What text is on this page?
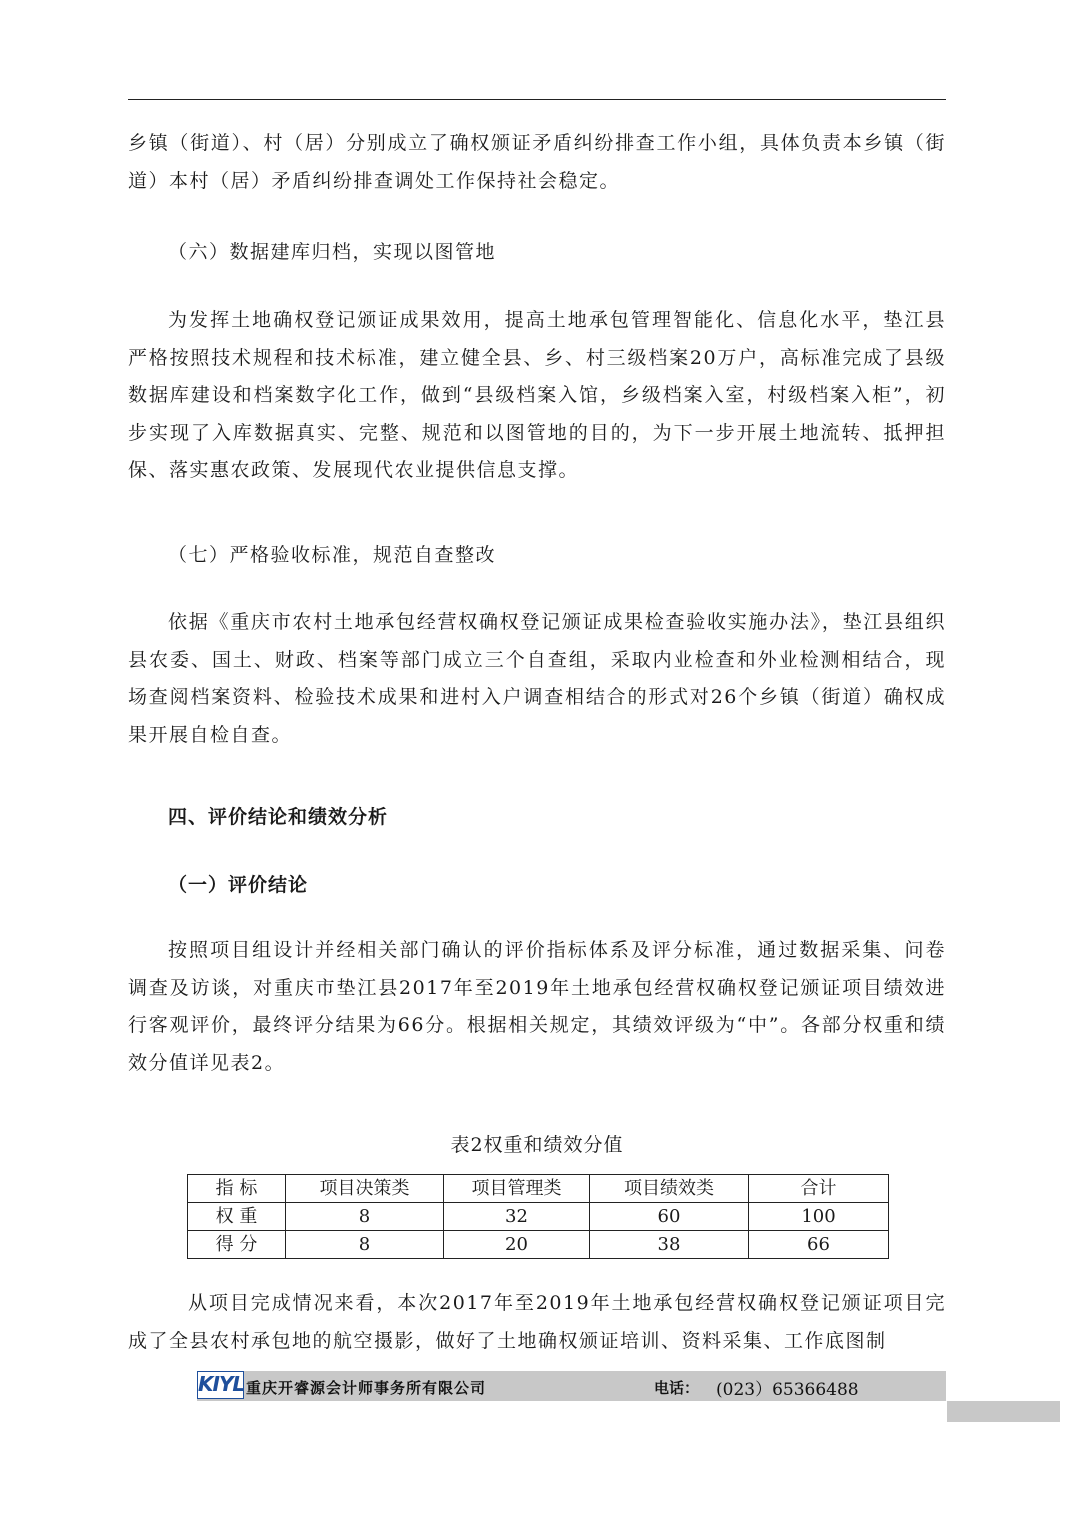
乡镇（街道）、村（居）分别成立了确权颁证矛盾纠纷排查工作小组，具体负责本乡镇（街道）本村（居）矛盾纠纷排查调处工作保持社会稳定。

（六）数据建库归档，实现以图管地

为发挥土地确权登记颁证成果效用，提高土地承包管理智能化、信息化水平，垫江县严格按照技术规程和技术标准，建立健全县、乡、村三级档案20万户，高标准完成了县级数据库建设和档案数字化工作，做到“县级档案入馆，乡级档案入室，村级档案入柜”，初步实现了入库数据真实、完整、规范和以图管地的目的，为下一步开展土地流转、抵押担保、落实惠农政策、发展现代农业提供信息支撑。

（七）严格验收标准，规范自查整改

依据《重庆市农村土地承包经营权确权登记颁证成果检查验收实施办法》，垫江县组织县农委、国土、财政、档案等部门成立三个自查组，采取内业检查和外业检测相结合，现场查阅档案资料、检验技术成果和进村入户调查相结合的形式对26个乡镇（街道）确权成果开展自检自查。

四、评价结论和绩效分析

（一）评价结论

按照项目组设计并经相关部门确认的评价指标体系及评分标准，通过数据采集、问卷调查及访谈，对重庆市垫江县2017年至2019年土地承包经营权确权登记颁证项目绩效进行客观评价，最终评分结果为66分。根据相关规定，其绩效评级为“中”。各部分权重和绩效分值详见表2。

表2权重和绩效分值
指 标	项目决策类	项目管理类	项目绩效类	合计
权 重	8	32	60	100
得 分	8	20	38	66

从项目完成情况来看，本次2017年至2019年土地承包经营权确权登记颁证项目完成了全县农村承包地的航空摄影，做好了土地确权颁证培训、资料采集、工作底图制

KIYL 重庆开睿源会计师事务所有限公司	电话： (023）65366488
